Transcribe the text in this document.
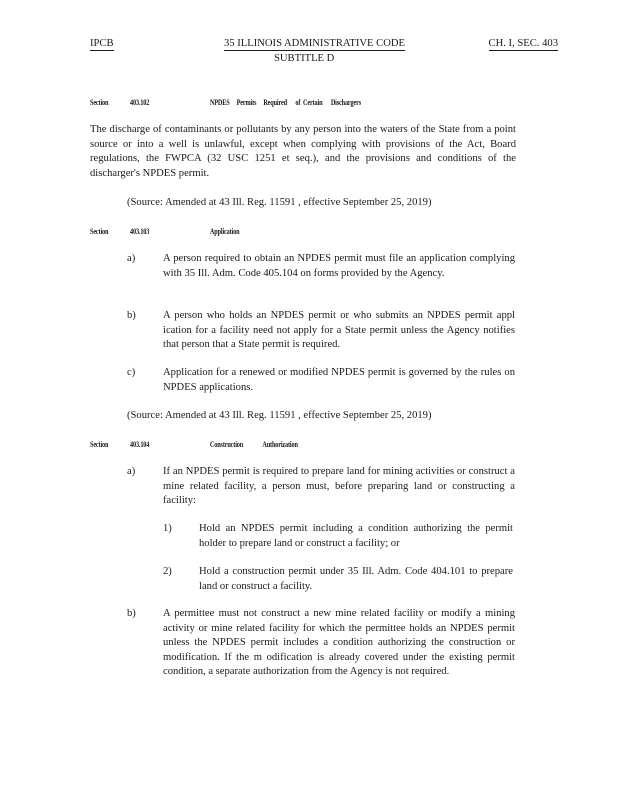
IPCB	35 ILLINOIS ADMINISTRATIVE CODE	CH. I, SEC. 403
SUBTITLE D
Section	403.102	NPDES     Permits     Required      of  Certain      Dischargers
The discharge of contaminants or pollutants by any person into the waters of the State from a point source or into a well is unlawful, except when complying with provisions of the Act, Board regulations, the FWPCA (32 USC 1251 et seq.), and the provisions and conditions of the discharger's NPDES permit.
(Source: Amended at 43 Ill. Reg. 11591 , effective September 25, 2019)
Section	403.103	Application
a)	A person required to obtain an NPDES permit must file an application complying with 35 Ill. Adm. Code 405.104 on forms provided by the Agency.
b)	A person who holds an NPDES permit or who submits an NPDES permit appl ication for a facility need not apply for a State permit unless the Agency notifies that person that a State permit is required.
c)	Application for a renewed or modified NPDES permit is governed by the rules on NPDES applications.
(Source: Amended at 43 Ill. Reg. 11591 , effective September 25, 2019)
Section	403.104	Construction              Authorization
a)	If an NPDES permit is required to prepare land for mining activities or construct a mine related facility, a person must, before preparing land or constructing a facility:
1)	Hold an NPDES permit including a condition authorizing the permit holder to prepare land or construct a facility; or
2)	Hold a construction permit under 35 Ill. Adm. Code 404.101 to prepare land or construct a facility.
b)	A permittee must not construct a new mine related facility or modify a mining activity or mine related facility for which the permittee holds an NPDES permit unless the NPDES permit includes a condition authorizing the construction or modification. If the m odification is already covered under the existing permit condition, a separate authorization from the Agency is not required.
